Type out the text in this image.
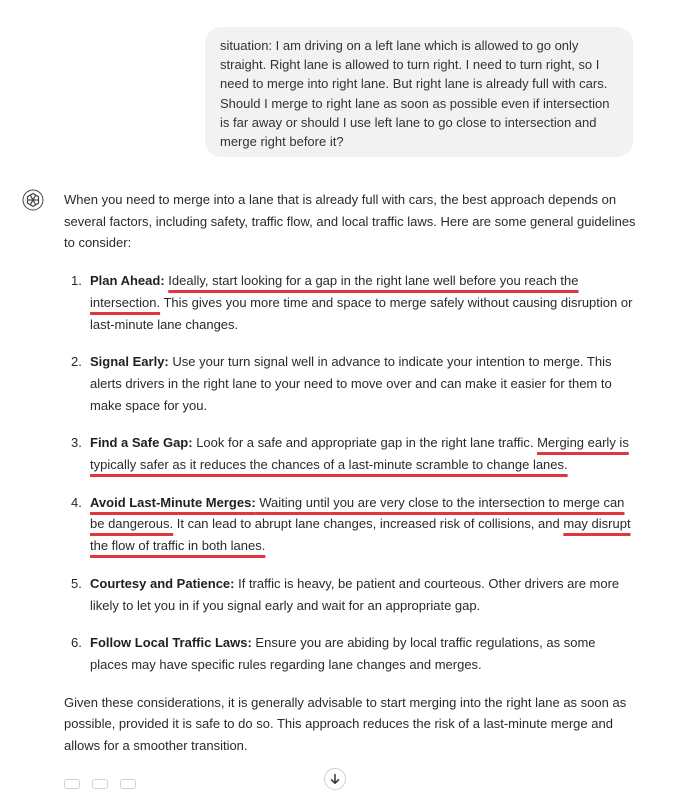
situation: I am driving on a left lane which is allowed to go only straight. Right lane is allowed to turn right. I need to turn right, so I need to merge into right lane. But right lane is already full with cars. Should I merge to right lane as soon as possible even if intersection is far away or should I use left lane to go close to intersection and merge right before it?

When you need to merge into a lane that is already full with cars, the best approach depends on several factors, including safety, traffic flow, and local traffic laws. Here are some general guidelines to consider:

1. Plan Ahead: Ideally, start looking for a gap in the right lane well before you reach the intersection. This gives you more time and space to merge safely without causing disruption or last-minute lane changes.
2. Signal Early: Use your turn signal well in advance to indicate your intention to merge. This alerts drivers in the right lane to your need to move over and can make it easier for them to make space for you.
3. Find a Safe Gap: Look for a safe and appropriate gap in the right lane traffic. Merging early is typically safer as it reduces the chances of a last-minute scramble to change lanes.
4. Avoid Last-Minute Merges: Waiting until you are very close to the intersection to merge can be dangerous. It can lead to abrupt lane changes, increased risk of collisions, and may disrupt the flow of traffic in both lanes.
5. Courtesy and Patience: If traffic is heavy, be patient and courteous. Other drivers are more likely to let you in if you signal early and wait for an appropriate gap.
6. Follow Local Traffic Laws: Ensure you are abiding by local traffic regulations, as some places may have specific rules regarding lane changes and merges.

Given these considerations, it is generally advisable to start merging into the right lane as soon as possible, provided it is safe to do so. This approach reduces the risk of a last-minute merge and allows for a smoother transition.
